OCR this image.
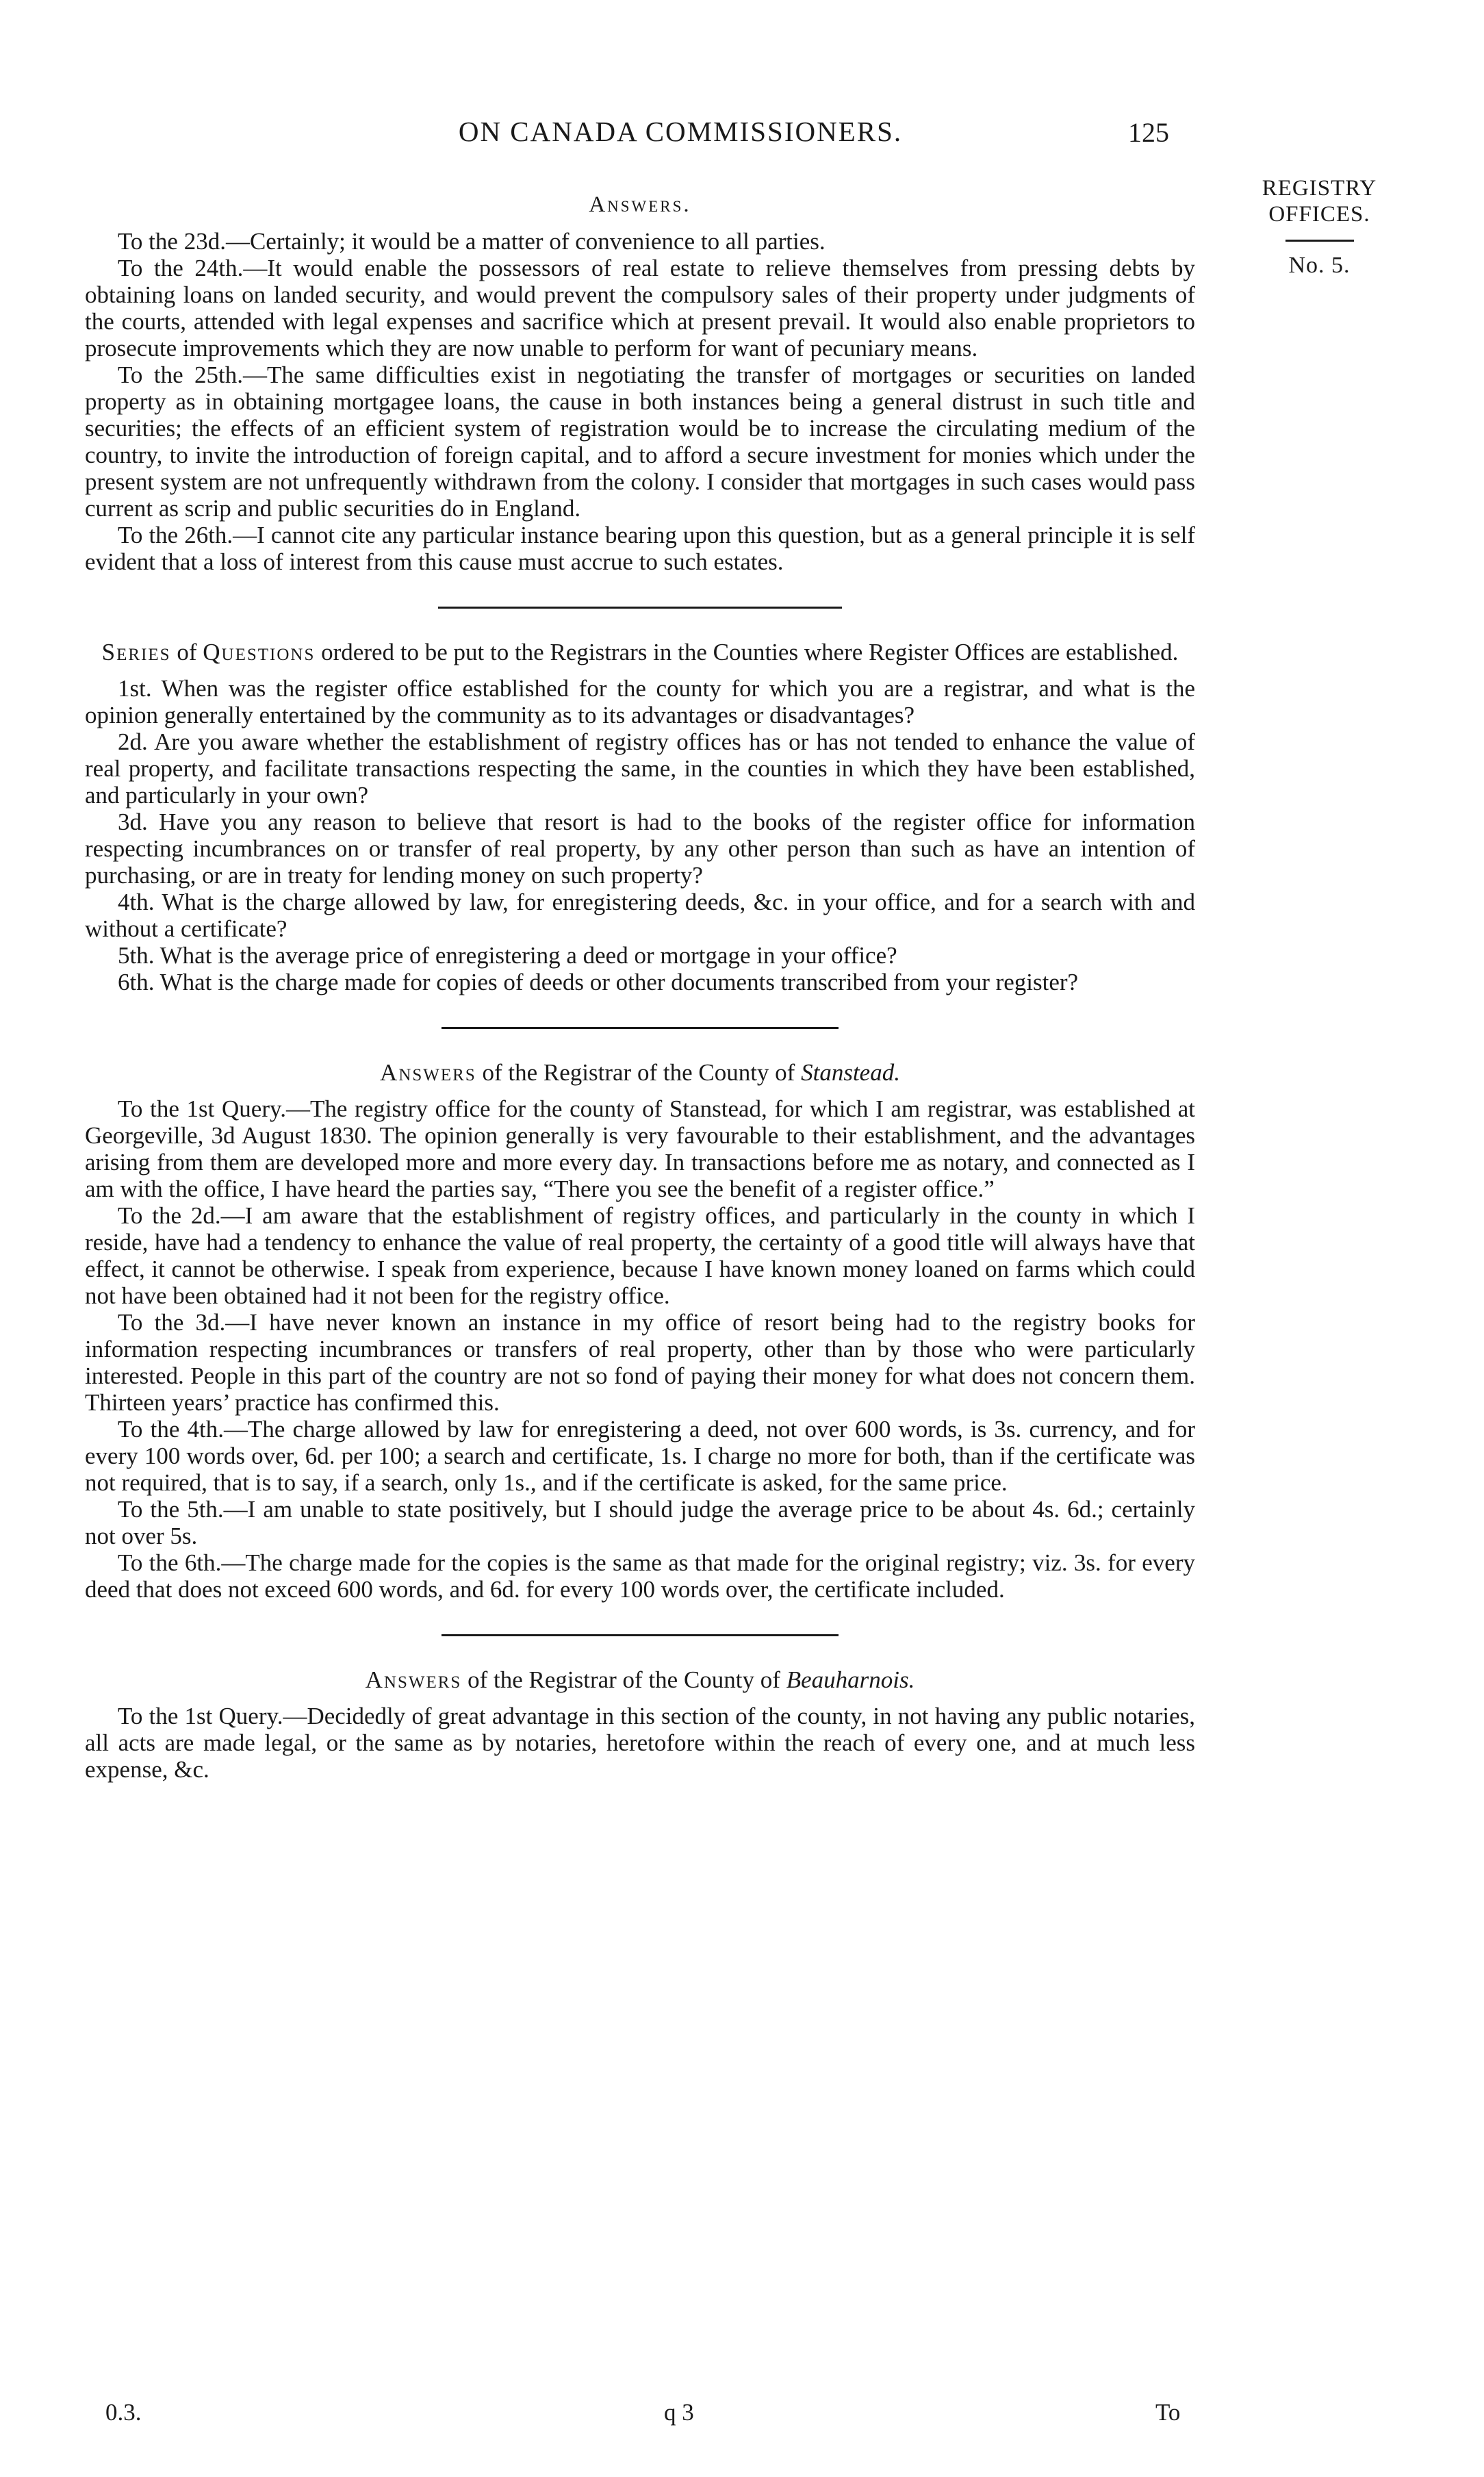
ON CANADA COMMISSIONERS.	125
REGISTRY
OFFICES.
No. 5.
Answers.

To the 23d.—Certainly; it would be a matter of convenience to all parties.

To the 24th.—It would enable the possessors of real estate to relieve themselves from pressing debts by obtaining loans on landed security, and would prevent the compulsory sales of their property under judgments of the courts, attended with legal expenses and sacrifice which at present prevail. It would also enable proprietors to prosecute improvements which they are now unable to perform for want of pecuniary means.

To the 25th.—The same difficulties exist in negotiating the transfer of mortgages or securities on landed property as in obtaining mortgagee loans, the cause in both instances being a general distrust in such title and securities; the effects of an efficient system of registration would be to increase the circulating medium of the country, to invite the introduction of foreign capital, and to afford a secure investment for monies which under the present system are not unfrequently withdrawn from the colony. I consider that mortgages in such cases would pass current as scrip and public securities do in England.

To the 26th.—I cannot cite any particular instance bearing upon this question, but as a general principle it is self evident that a loss of interest from this cause must accrue to such estates.

Series of Questions ordered to be put to the Registrars in the Counties where Register Offices are established.

1st. When was the register office established for the county for which you are a registrar, and what is the opinion generally entertained by the community as to its advantages or disadvantages?

2d. Are you aware whether the establishment of registry offices has or has not tended to enhance the value of real property, and facilitate transactions respecting the same, in the counties in which they have been established, and particularly in your own?

3d. Have you any reason to believe that resort is had to the books of the register office for information respecting incumbrances on or transfer of real property, by any other person than such as have an intention of purchasing, or are in treaty for lending money on such property?

4th. What is the charge allowed by law, for enregistering deeds, &c. in your office, and for a search with and without a certificate?

5th. What is the average price of enregistering a deed or mortgage in your office?

6th. What is the charge made for copies of deeds or other documents transcribed from your register?

Answers of the Registrar of the County of Stanstead.

To the 1st Query.—The registry office for the county of Stanstead, for which I am registrar, was established at Georgeville, 3d August 1830. The opinion generally is very favourable to their establishment, and the advantages arising from them are developed more and more every day. In transactions before me as notary, and connected as I am with the office, I have heard the parties say, “There you see the benefit of a register office.”

To the 2d.—I am aware that the establishment of registry offices, and particularly in the county in which I reside, have had a tendency to enhance the value of real property, the certainty of a good title will always have that effect, it cannot be otherwise. I speak from experience, because I have known money loaned on farms which could not have been obtained had it not been for the registry office.

To the 3d.—I have never known an instance in my office of resort being had to the registry books for information respecting incumbrances or transfers of real property, other than by those who were particularly interested. People in this part of the country are not so fond of paying their money for what does not concern them. Thirteen years’ practice has confirmed this.

To the 4th.—The charge allowed by law for enregistering a deed, not over 600 words, is 3s. currency, and for every 100 words over, 6d. per 100; a search and certificate, 1s. I charge no more for both, than if the certificate was not required, that is to say, if a search, only 1s., and if the certificate is asked, for the same price.

To the 5th.—I am unable to state positively, but I should judge the average price to be about 4s. 6d.; certainly not over 5s.

To the 6th.—The charge made for the copies is the same as that made for the original registry; viz. 3s. for every deed that does not exceed 600 words, and 6d. for every 100 words over, the certificate included.

Answers of the Registrar of the County of Beauharnois.

To the 1st Query.—Decidedly of great advantage in this section of the county, in not having any public notaries, all acts are made legal, or the same as by notaries, heretofore within the reach of every one, and at much less expense, &c.

0.3.	q 3	To
